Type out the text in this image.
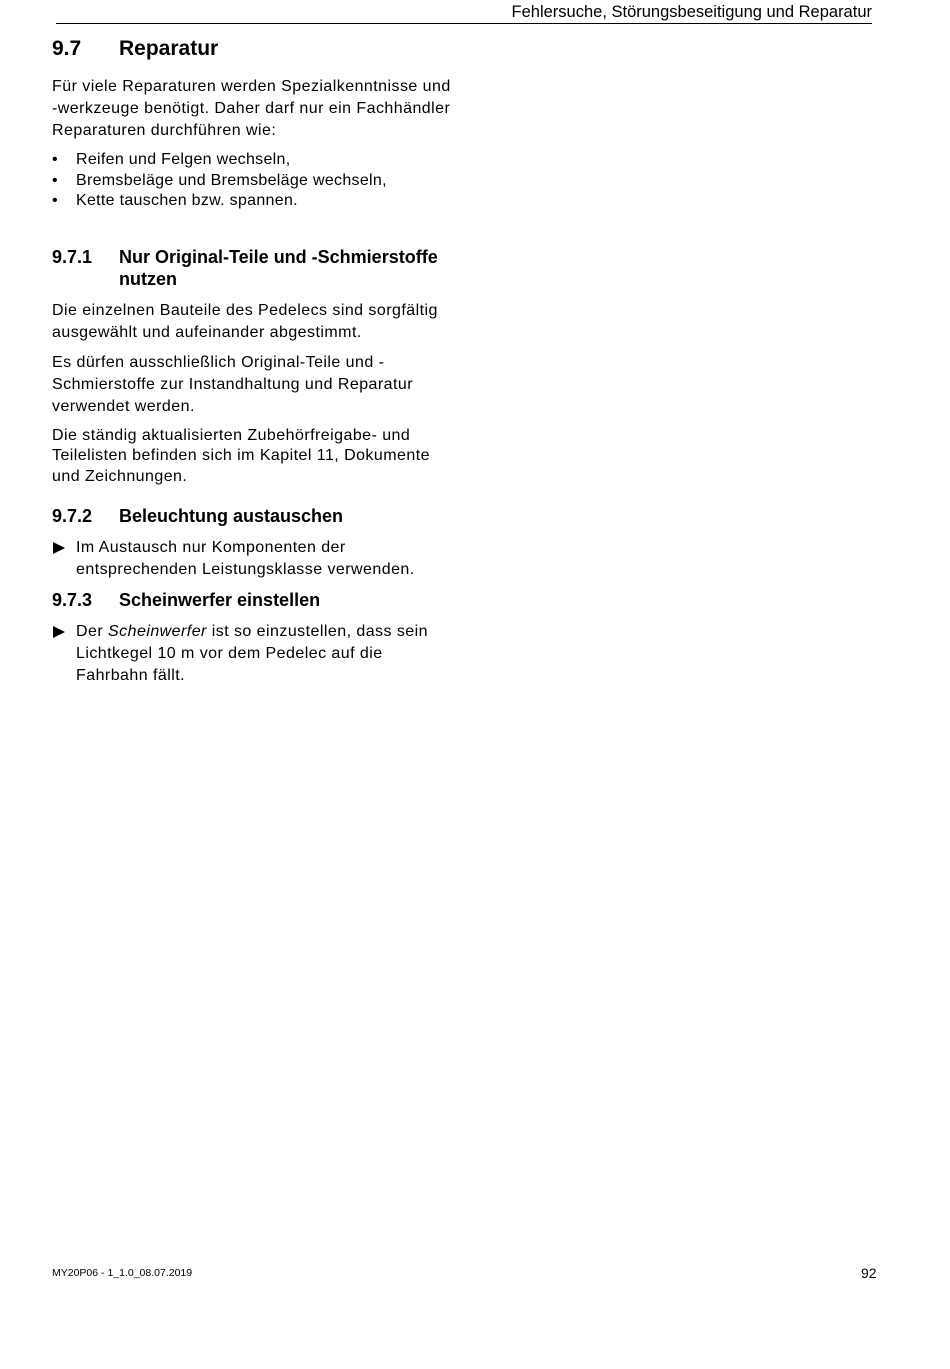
Fehlersuche, Störungsbeseitigung und Reparatur
9.7	Reparatur

Für viele Reparaturen werden Spezialkenntnisse und -werkzeuge benötigt. Daher darf nur ein Fachhändler Reparaturen durchführen wie:

• Reifen und Felgen wechseln,
• Bremsbeläge und Bremsbeläge wechseln,
• Kette tauschen bzw. spannen.
9.7.1	Nur Original-Teile und -Schmierstoffe nutzen

Die einzelnen Bauteile des Pedelecs sind sorgfältig ausgewählt und aufeinander abgestimmt.

Es dürfen ausschließlich Original-Teile und -Schmierstoffe zur Instandhaltung und Reparatur verwendet werden.

Die ständig aktualisierten Zubehörfreigabe- und Teilelisten befinden sich im Kapitel 11, Dokumente und Zeichnungen.

9.7.2	Beleuchtung austauschen
Im Austausch nur Komponenten der entsprechenden Leistungsklasse verwenden.
9.7.3	Scheinwerfer einstellen
Der Scheinwerfer ist so einzustellen, dass sein Lichtkegel 10 m vor dem Pedelec auf die Fahrbahn fällt.
MY20P06 - 1_1.0_08.07.2019	92
